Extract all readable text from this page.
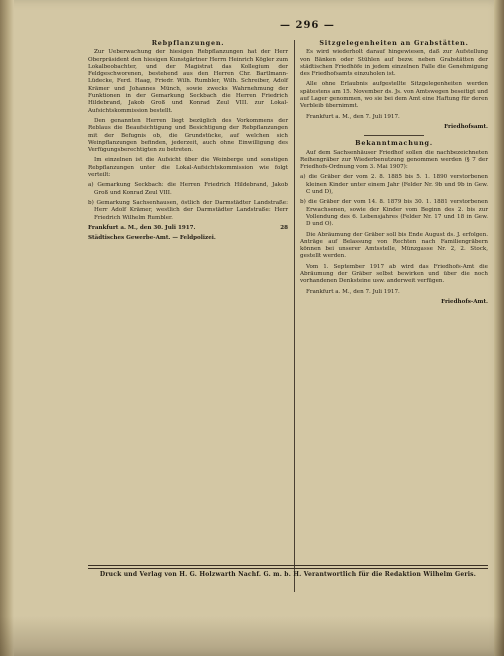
— 296 —
Rebpflanzungen.

Zur Ueberwachung der hiesigen Rebpflanzungen hat der Herr Oberpräsident den hiesigen Kunstgärtner Herrn Heinrich Kögler zum Lokalbeobachter, und der Magistrat das Kollegium der Feldgeschworenen, bestehend aus den Herren Chr. Bartlmann-Lüdecke, Ferd. Haag, Friedr. Wilh. Rumbler, Wilh. Schreiber, Adolf Krämer und Johannes Münch, sowie zwecks Wahrnehmung der Funktionen in der Gemarkung Seckbach die Herren Friedrich Hildebrand, Jakob Groß und Konrad Zeul VIII. zur Lokal-Aufsichtskommission bestellt.

Den genannten Herren liegt bezüglich des Vorkommens der Reblaus die Beaufsichtigung und Besichtigung der Rebpflanzungen mit der Befugnis ob, die Grundstücke, auf welchen sich Weinpflanzungen befinden, jederzeit, auch ohne Einwilligung des Verfügungsberechtigten zu betreten.

Im einzelnen ist die Aufsicht über die Weinberge und sonstigen Rebpflanzungen unter die Lokal-Aufsichtskommission wie folgt verteilt:

a) Gemarkung Seckbach: die Herren Friedrich Hildebrand, Jakob Groß und Konrad Zeul VIII.
b) Gemarkung Sachsenhausen, östlich der Darmstädter Landstraße: Herr Adolf Krämer, westlich der Darmstädter Landstraße: Herr Friedrich Wilhelm Rumbler.
Frankfurt a. M., den 30. Juli 1917.	28
Städtisches Gewerbe-Amt. — Feldpolizei.
Sitzgelegenheiten an Grabstätten.

Es wird wiederholt darauf hingewiesen, daß zur Aufstellung von Bänken oder Stühlen auf bezw. neben Grabstätten der städtischen Friedhöfe in jedem einzelnen Falle die Genehmigung des Friedhofsamts einzuholen ist.

Alle ohne Erlaubnis aufgestellte Sitzgelegenheiten werden spätestens am 15. November ds. Js. von Amtswegen beseitigt und auf Lager genommen, wo sie bei dem Amt eine Haftung für deren Verbleib übernimmt.

Frankfurt a. M., den 7. Juli 1917.

Friedhofsamt.
Bekanntmachung.

Auf dem Sachsenhäuser Friedhof sollen die nachbezeichneten Reihengräber zur Wiederbenutzung genommen werden (§ 7 der Friedhofs-Ordnung vom 3. Mai 1907):

a) die Gräber der vom 2. 8. 1885 bis 5. 1. 1890 verstorbenen kleinen Kinder unter einem Jahr (Felder Nr. 9b und 9b in Gew. C und D),
b) die Gräber der vom 14. 8. 1879 bis 30. 1. 1881 verstorbenen Erwachsenen, sowie der Kinder vom Beginn des 2. bis zur Vollendung des 6. Lebensjahres (Felder Nr. 17 und 18 in Gew. D und O).

Die Abräumung der Gräber soll bis Ende August ds. J. erfolgen. Anträge auf Belassung von Rechten nach Familiengräbern können bei unserer Amtsstelle, Münzgasse Nr. 2, 2. Stock, gestellt werden.

Vom 1. September 1917 ab wird das Friedhofs-Amt die Abräumung der Gräber selbst bewirken und über die noch vorhandenen Denksteine usw. anderweit verfügen.

Frankfurt a. M., den 7. Juli 1917.

Friedhofs-Amt.
Druck und Verlag von H. G. Holzwarth Nachf. G. m. b. H. Verantwortlich für die Redaktion Wilhelm Geris.
